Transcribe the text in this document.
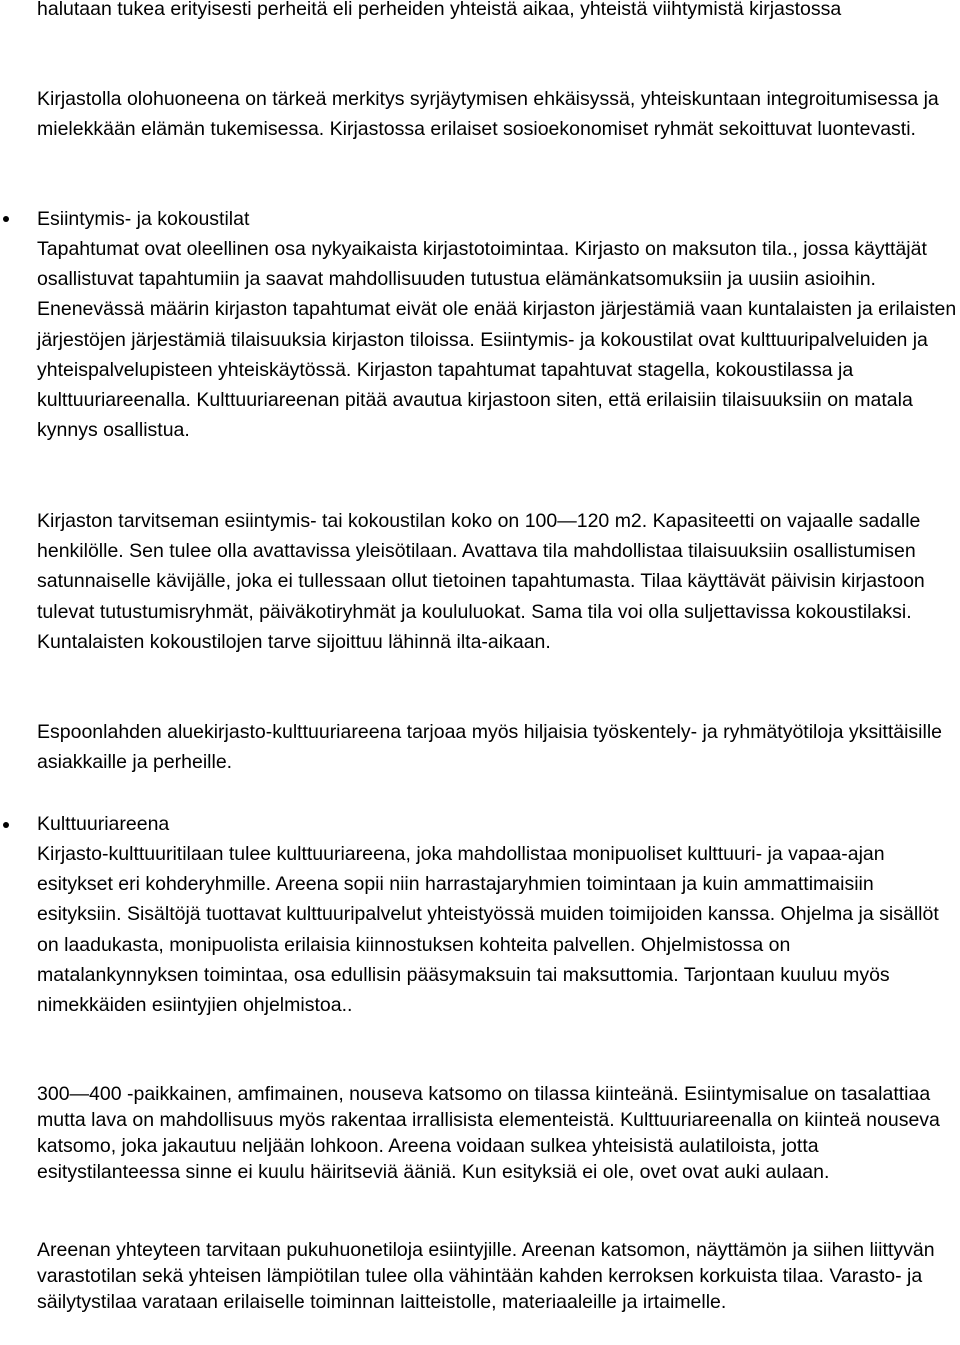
halutaan tukea erityisesti perheitä eli perheiden yhteistä aikaa, yhteistä viihtymistä kirjastossa

Kirjastolla olohuoneena on tärkeä merkitys syrjäytymisen ehkäisyssä, yhteiskuntaan integroitumisessa ja mielekkään elämän tukemisessa. Kirjastossa erilaiset sosioekonomiset ryhmät sekoittuvat luontevasti.

Esiintymis- ja kokoustilat

Tapahtumat ovat oleellinen osa nykyaikaista kirjastotoimintaa. Kirjasto on maksuton tila., jossa käyttäjät osallistuvat tapahtumiin ja saavat mahdollisuuden tutustua elämänkatsomuksiin ja uusiin asioihin. Enenevässä määrin kirjaston tapahtumat eivät ole enää kirjaston järjestämiä vaan kuntalaisten ja erilaisten järjestöjen järjestämiä tilaisuuksia kirjaston tiloissa. Esiintymis- ja kokoustilat ovat kulttuuripalveluiden ja yhteispalvelupisteen yhteiskäytössä. Kirjaston tapahtumat tapahtuvat stagella, kokoustilassa ja kulttuuriareenalla. Kulttuuriareenan pitää avautua kirjastoon siten, että erilaisiin tilaisuuksiin on matala kynnys osallistua.

Kirjaston tarvitseman esiintymis- tai kokoustilan koko on 100—120 m2. Kapasiteetti on vajaalle sadalle henkilölle. Sen tulee olla avattavissa yleisötilaan. Avattava tila mahdollistaa tilaisuuksiin osallistumisen satunnaiselle kävijälle, joka ei tullessaan ollut tietoinen tapahtumasta. Tilaa käyttävät päivisin kirjastoon tulevat tutustumisryhmät, päiväkotiryhmät ja koululuokat. Sama tila voi olla suljettavissa kokoustilaksi. Kuntalaisten kokoustilojen tarve sijoittuu lähinnä ilta-aikaan.

Espoonlahden aluekirjasto-kulttuuriareena tarjoaa myös hiljaisia työskentely- ja ryhmätyötiloja yksittäisille asiakkaille ja perheille.

Kulttuuriareena

Kirjasto-kulttuuritilaan tulee kulttuuriareena, joka mahdollistaa monipuoliset kulttuuri- ja vapaa-ajan esitykset eri kohderyhmille. Areena sopii niin harrastajaryhmien toimintaan ja kuin ammattimaisiin esityksiin. Sisältöjä tuottavat kulttuuripalvelut yhteistyössä muiden toimijoiden kanssa. Ohjelma ja sisällöt on laadukasta, monipuolista erilaisia kiinnostuksen kohteita palvellen. Ohjelmistossa on matalankynnyksen toimintaa, osa edullisin pääsymaksuin tai maksuttomia. Tarjontaan kuuluu myös nimekkäiden esiintyjien ohjelmistoa..

300—400 -paikkainen, amfimainen, nouseva katsomo on tilassa kiinteänä. Esiintymisalue on tasalattiaa mutta lava on mahdollisuus myös rakentaa irrallisista elementeistä. Kulttuuriareenalla on kiinteä nouseva katsomo, joka jakautuu neljään lohkoon. Areena voidaan sulkea yhteisistä aulatiloista, jotta esitystilanteessa sinne ei kuulu häiritseviä ääniä. Kun esityksiä ei ole, ovet ovat auki aulaan.

Areenan yhteyteen tarvitaan pukuhuonetiloja esiintyjille. Areenan katsomon, näyttämön ja siihen liittyvän varastotilan sekä yhteisen lämpiötilan tulee olla vähintään kahden kerroksen korkuista tilaa. Varasto- ja säilytystilaa varataan erilaiselle toiminnan laitteistolle, materiaaleille ja irtaimelle.
